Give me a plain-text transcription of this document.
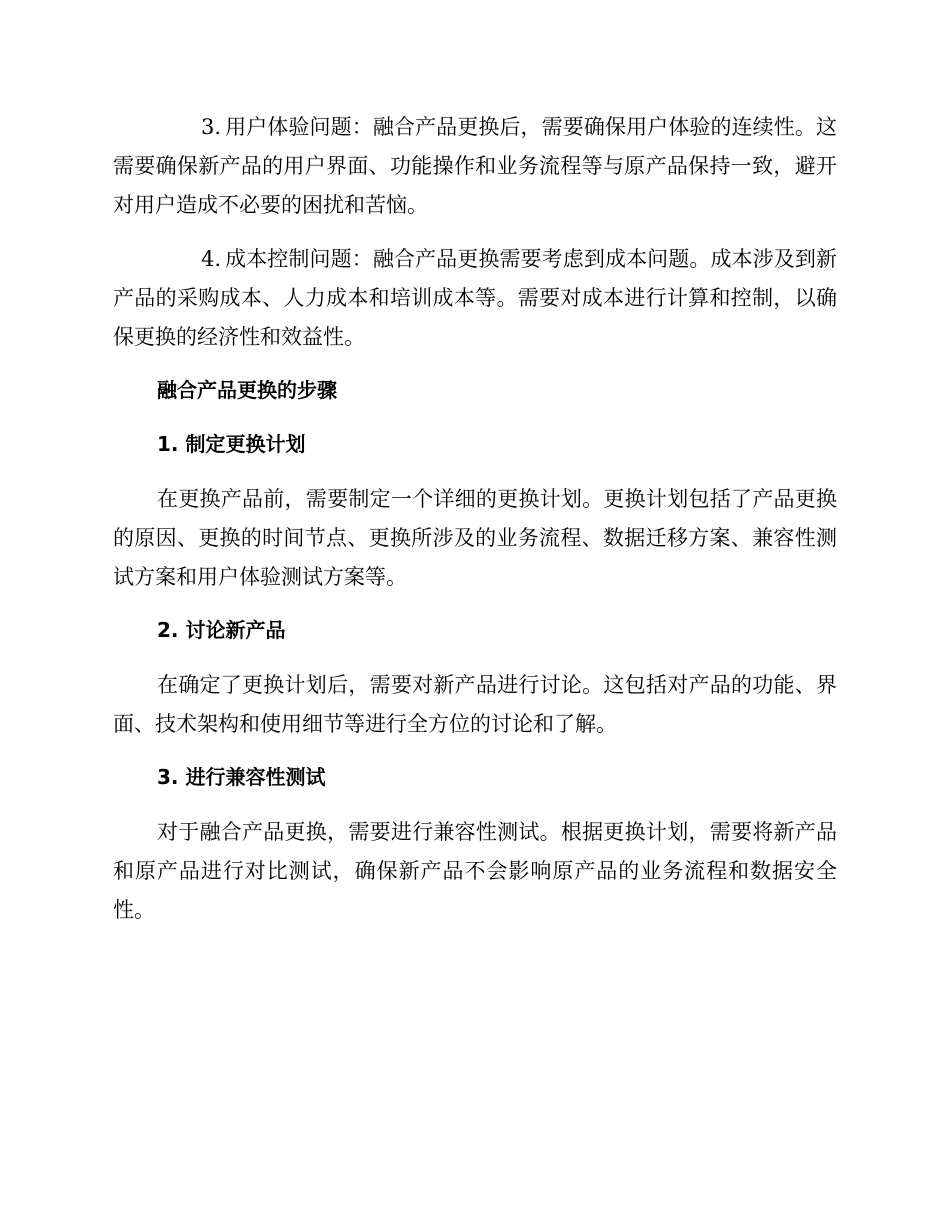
3. 用户体验问题：融合产品更换后，需要确保用户体验的连续性。这需要确保新产品的用户界面、功能操作和业务流程等与原产品保持一致，避开对用户造成不必要的困扰和苦恼。

4. 成本控制问题：融合产品更换需要考虑到成本问题。成本涉及到新产品的采购成本、人力成本和培训成本等。需要对成本进行计算和控制，以确保更换的经济性和效益性。

融合产品更换的步骤
1. 制定更换计划

在更换产品前，需要制定一个详细的更换计划。更换计划包括了产品更换的原因、更换的时间节点、更换所涉及的业务流程、数据迁移方案、兼容性测试方案和用户体验测试方案等。

2. 讨论新产品

在确定了更换计划后，需要对新产品进行讨论。这包括对产品的功能、界面、技术架构和使用细节等进行全方位的讨论和了解。

3. 进行兼容性测试

对于融合产品更换，需要进行兼容性测试。根据更换计划，需要将新产品和原产品进行对比测试，确保新产品不会影响原产品的业务流程和数据安全性。
